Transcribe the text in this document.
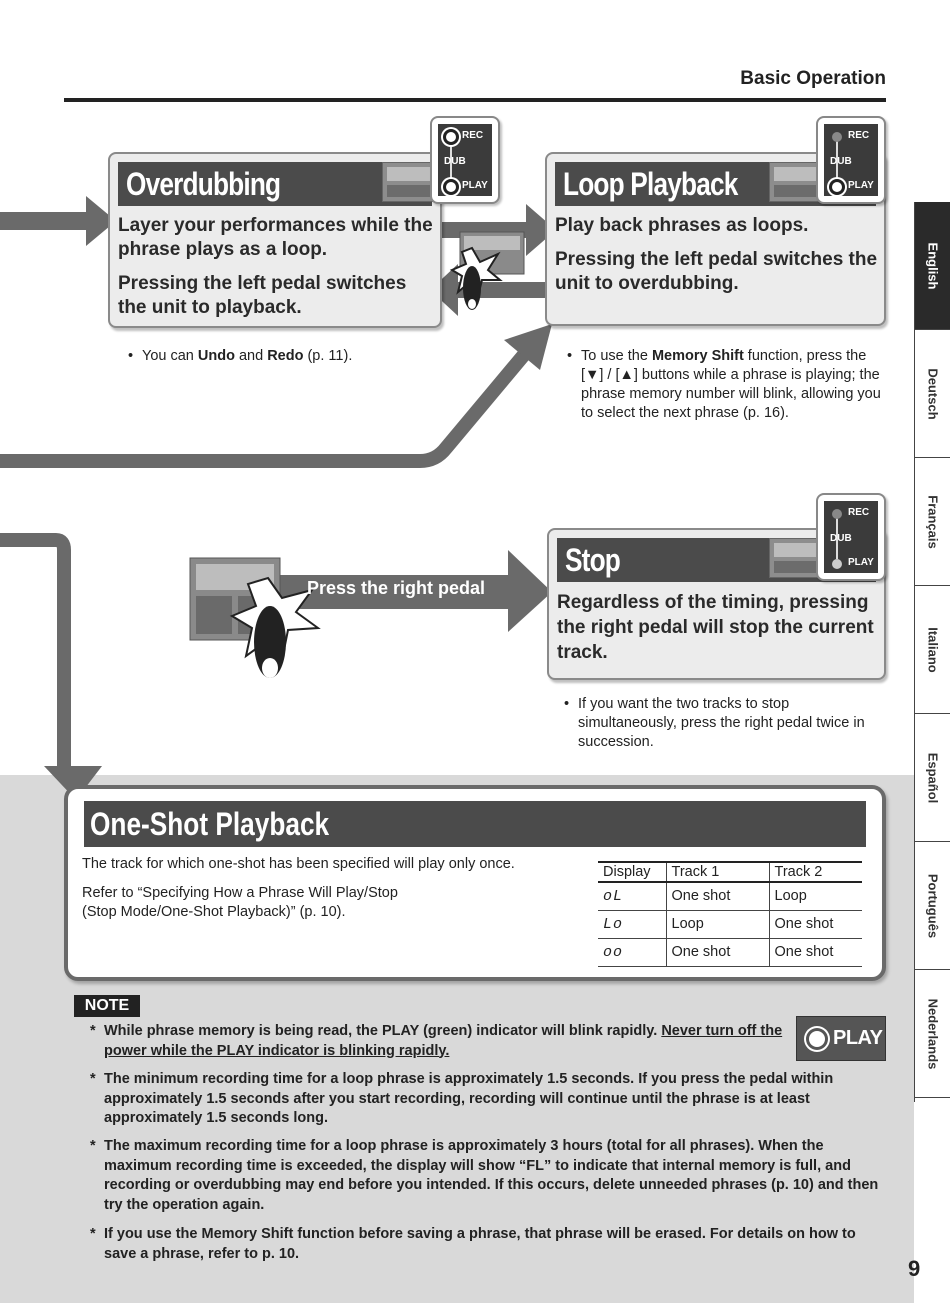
Basic Operation
Overdubbing

Layer your performances while the phrase plays as a loop.

Pressing the left pedal switches the unit to playback.

REC
DUB
PLAY
• You can Undo and Redo (p. 11).
Loop Playback

Play back phrases as loops.

Pressing the left pedal switches the unit to overdubbing.

REC
DUB
PLAY
• To use the Memory Shift function, press the [▼] / [▲] buttons while a phrase is playing; the phrase memory number will blink, allowing you to select the next phrase (p. 16).
Press the right pedal
Stop
Regardless of the timing, pressing the right pedal will stop the current track.
REC
DUB
PLAY
• If you want the two tracks to stop simultaneously, press the right pedal twice in succession.
One-Shot Playback
The track for which one-shot has been specified will play only once.
Refer to “Specifying How a Phrase Will Play/Stop
(Stop Mode/One-Shot Playback)” (p. 10).
Display	Track 1	Track 2
oL	One shot	Loop
Lo	Loop	One shot
oo	One shot	One shot
NOTE
PLAY
* While phrase memory is being read, the PLAY (green) indicator will blink rapidly. Never turn off the power while the PLAY indicator is blinking rapidly.
* The minimum recording time for a loop phrase is approximately 1.5 seconds. If you press the pedal within approximately 1.5 seconds after you start recording, recording will continue until the phrase is at least approximately 1.5 seconds long.
* The maximum recording time for a loop phrase is approximately 3 hours (total for all phrases). When the maximum recording time is exceeded, the display will show “FL” to indicate that internal memory is full, and recording or overdubbing may end before you intended. If this occurs, delete unneeded phrases (p. 10) and then try the operation again.
* If you use the Memory Shift function before saving a phrase, that phrase will be erased. For details on how to save a phrase, refer to p. 10.
English
Deutsch
Français
Italiano
Español
Português
Nederlands
9
